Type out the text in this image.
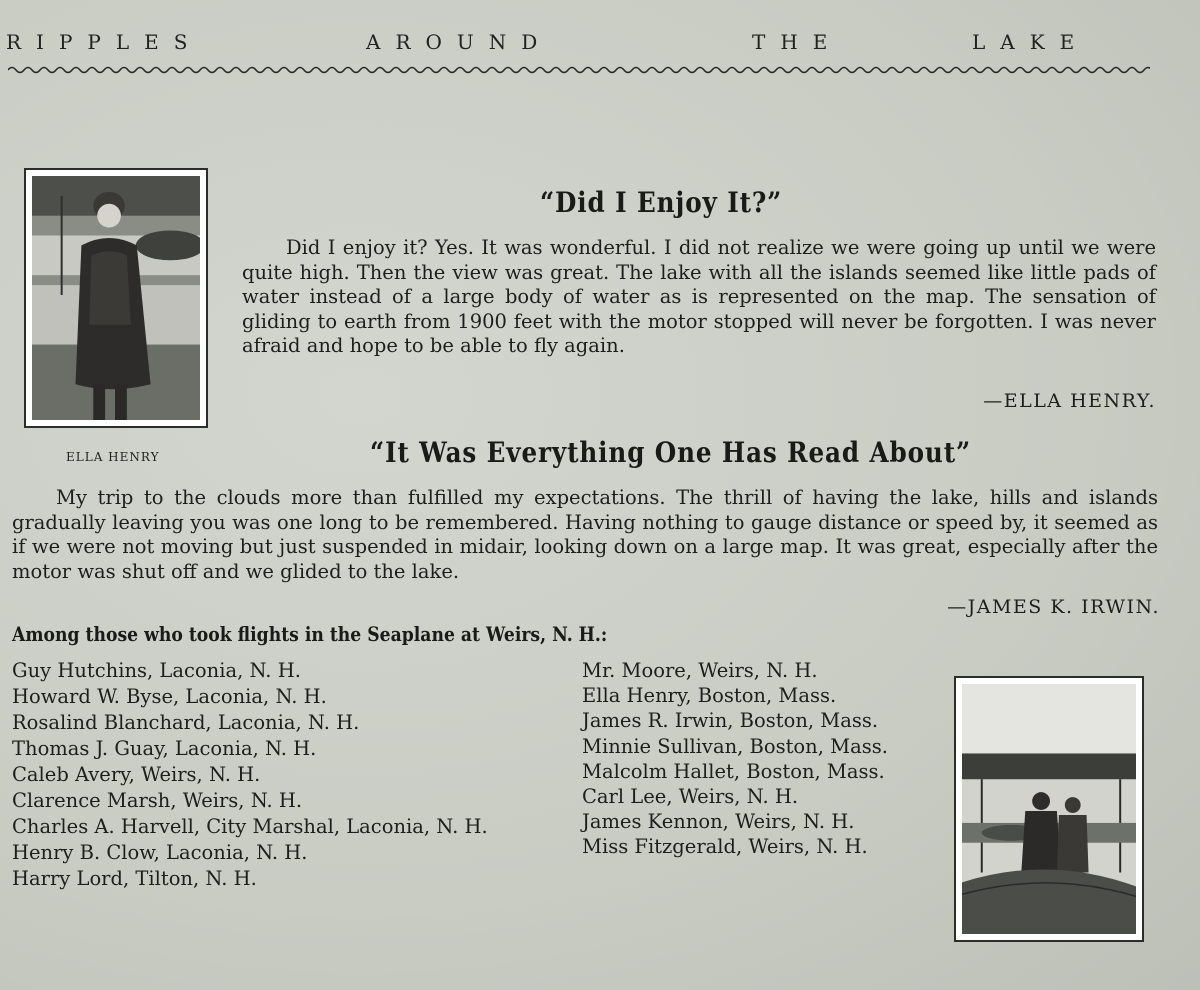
RIPPLES	AROUND	THE	LAKE
ELLA HENRY
“Did I Enjoy It?”
Did I enjoy it? Yes. It was wonderful. I did not realize we were going up until we were quite high. Then the view was great. The lake with all the islands seemed like little pads of water instead of a large body of water as is represented on the map. The sensation of gliding to earth from 1900 feet with the motor stopped will never be forgotten. I was never afraid and hope to be able to fly again.
—ELLA HENRY.
“It Was Everything One Has Read About”
My trip to the clouds more than fulfilled my expectations. The thrill of having the lake, hills and islands gradually leaving you was one long to be remembered. Having nothing to gauge distance or speed by, it seemed as if we were not moving but just suspended in midair, looking down on a large map. It was great, especially after the motor was shut off and we glided to the lake.
—JAMES K. IRWIN.
Among those who took flights in the Seaplane at Weirs, N. H.:
Guy Hutchins, Laconia, N. H.
Howard W. Byse, Laconia, N. H.
Rosalind Blanchard, Laconia, N. H.
Thomas J. Guay, Laconia, N. H.
Caleb Avery, Weirs, N. H.
Clarence Marsh, Weirs, N. H.
Charles A. Harvell, City Marshal, Laconia, N. H.
Henry B. Clow, Laconia, N. H.
Harry Lord, Tilton, N. H.
Mr. Moore, Weirs, N. H.
Ella Henry, Boston, Mass.
James R. Irwin, Boston, Mass.
Minnie Sullivan, Boston, Mass.
Malcolm Hallet, Boston, Mass.
Carl Lee, Weirs, N. H.
James Kennon, Weirs, N. H.
Miss Fitzgerald, Weirs, N. H.
